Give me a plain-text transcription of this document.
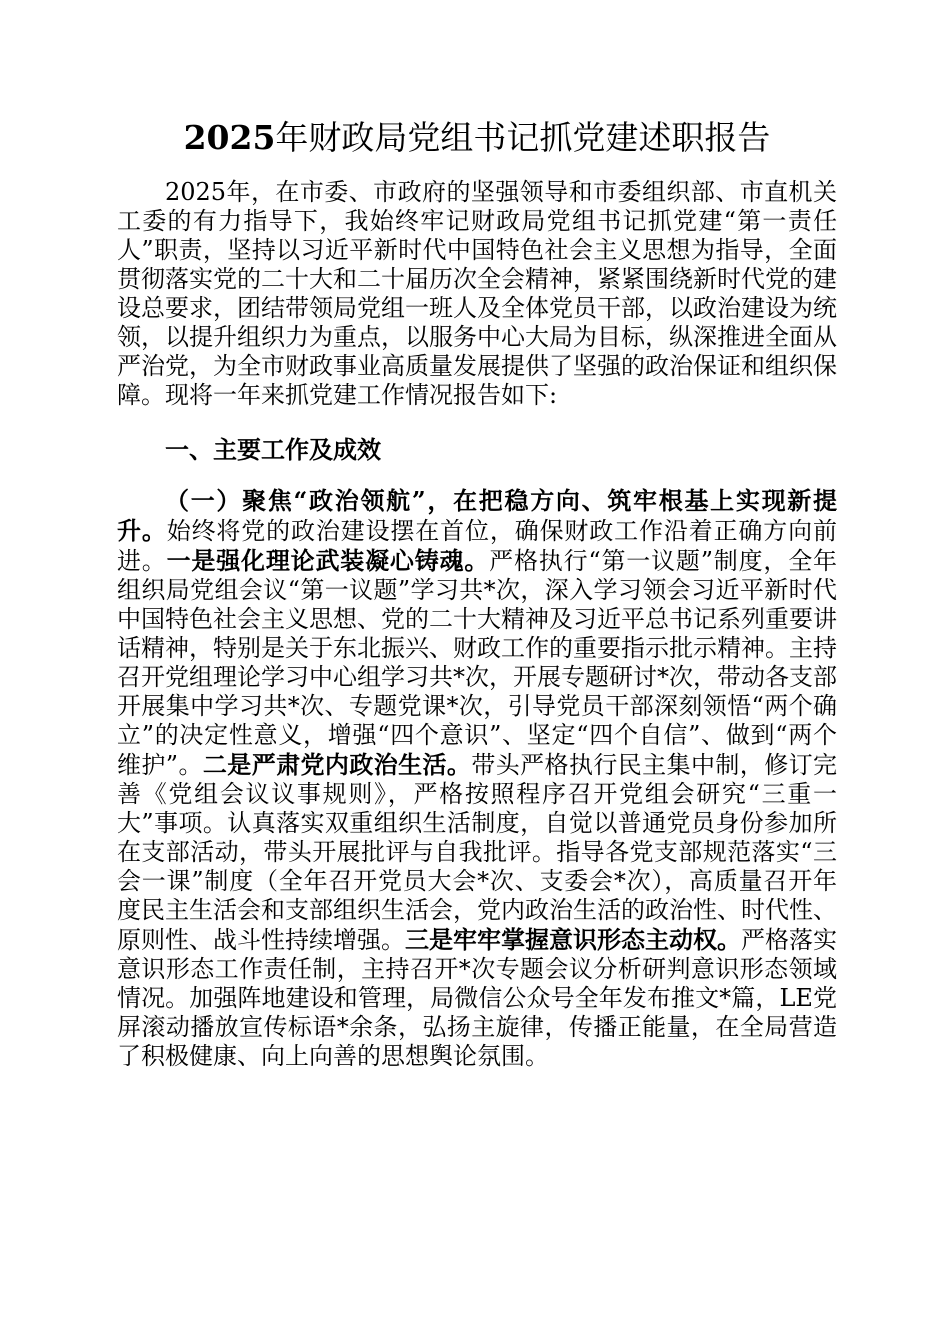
2025年财政局党组书记抓党建述职报告

2025年，在市委、市政府的坚强领导和市委组织部、市直机关工委的有力指导下，我始终牢记财政局党组书记抓党建“第一责任人”职责，坚持以习近平新时代中国特色社会主义思想为指导，全面贯彻落实党的二十大和二十届历次全会精神，紧紧围绕新时代党的建设总要求，团结带领局党组一班人及全体党员干部，以政治建设为统领，以提升组织力为重点，以服务中心大局为目标，纵深推进全面从严治党，为全市财政事业高质量发展提供了坚强的政治保证和组织保障。现将一年来抓党建工作情况报告如下:

一、主要工作及成效

（一）聚焦“政治领航”，在把稳方向、筑牢根基上实现新提升。始终将党的政治建设摆在首位，确保财政工作沿着正确方向前进。一是强化理论武装凝心铸魂。严格执行“第一议题”制度，全年组织局党组会议“第一议题”学习共*次，深入学习领会习近平新时代中国特色社会主义思想、党的二十大精神及习近平总书记系列重要讲话精神，特别是关于东北振兴、财政工作的重要指示批示精神。主持召开党组理论学习中心组学习共*次，开展专题研讨*次，带动各支部开展集中学习共*次、专题党课*次，引导党员干部深刻领悟“两个确立”的决定性意义，增强“四个意识”、坚定“四个自信”、做到“两个维护”。二是严肃党内政治生活。带头严格执行民主集中制，修订完善《党组会议议事规则》，严格按照程序召开党组会研究“三重一大”事项。认真落实双重组织生活制度，自觉以普通党员身份参加所在支部活动，带头开展批评与自我批评。指导各党支部规范落实“三会一课”制度（全年召开党员大会*次、支委会*次），高质量召开年度民主生活会和支部组织生活会，党内政治生活的政治性、时代性、原则性、战斗性持续增强。三是牢牢掌握意识形态主动权。严格落实意识形态工作责任制，主持召开*次专题会议分析研判意识形态领域情况。加强阵地建设和管理，局微信公众号全年发布推文*篇，LE党屏滚动播放宣传标语*余条，弘扬主旋律，传播正能量，在全局营造了积极健康、向上向善的思想舆论氛围。
